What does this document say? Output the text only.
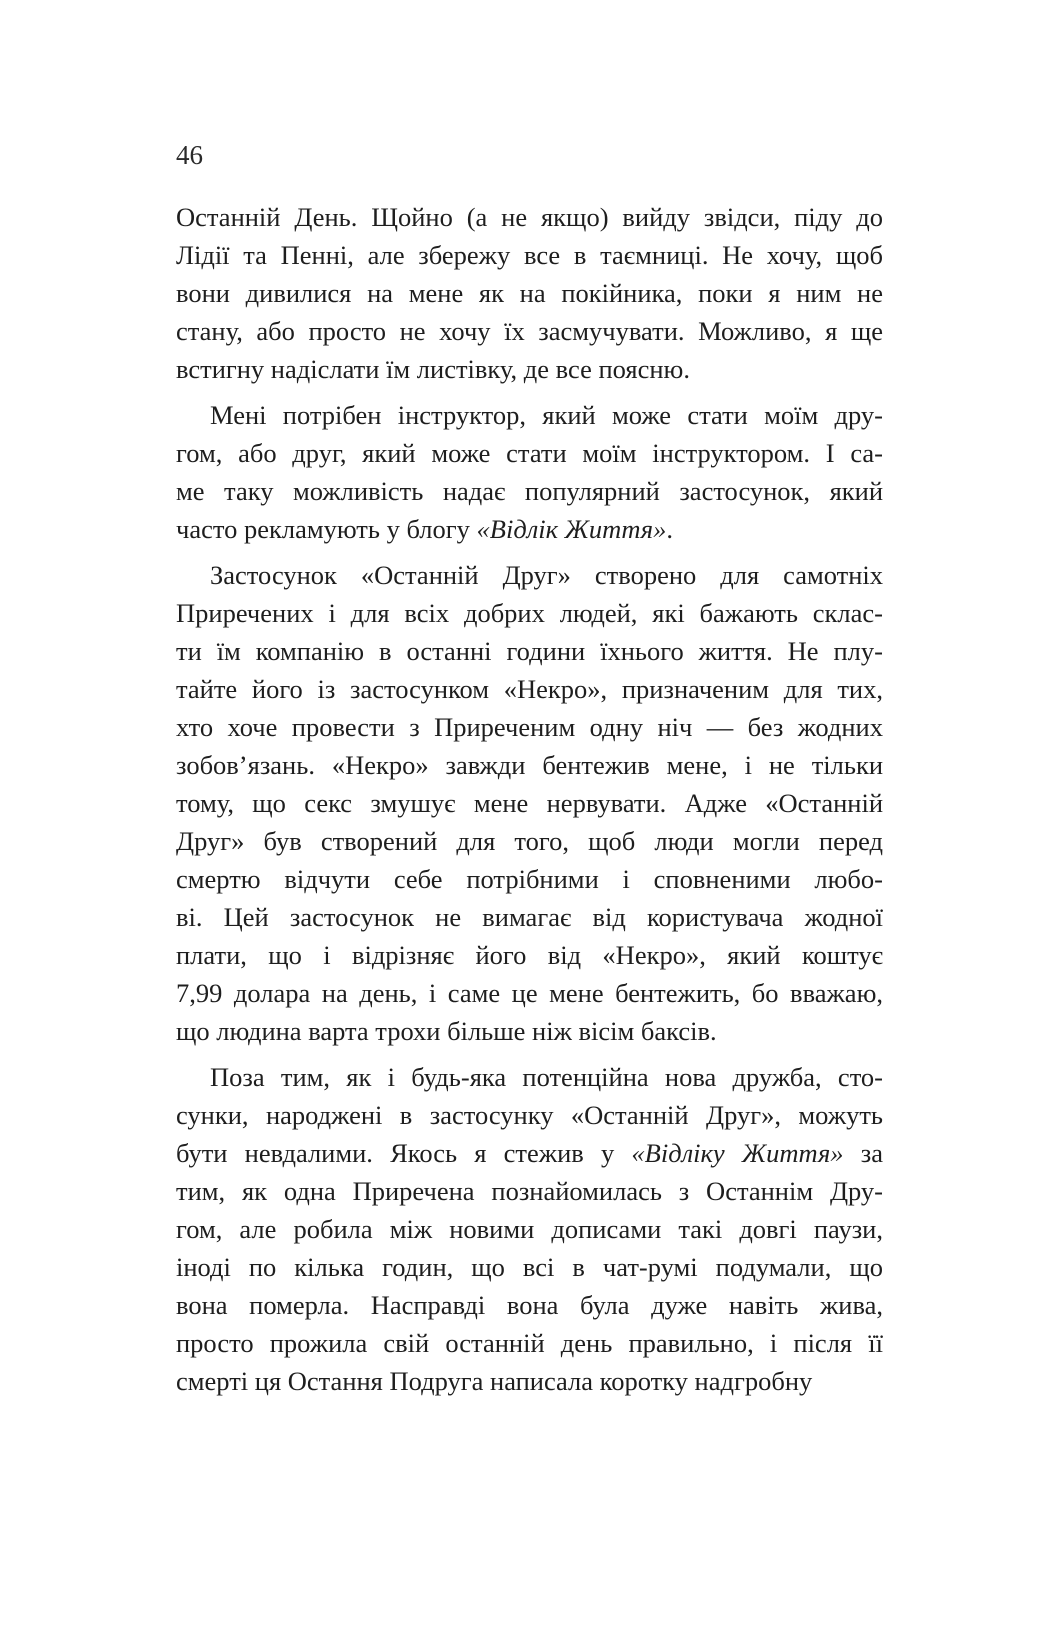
46
Останній День. Щойно (а не якщо) вийду звідси, піду до
Лідії та Пенні, але збережу все в таємниці. Не хочу, щоб
вони дивилися на мене як на покійника, поки я ним не
стану, або просто не хочу їх засмучувати. Можливо, я ще
встигну надіслати їм листівку, де все поясню.
Мені потрібен інструктор, який може стати моїм дру-
гом, або друг, який може стати моїм інструктором. І са-
ме таку можливість надає популярний застосунок, який
часто рекламують у блогу «Відлік Життя».
Застосунок «Останній Друг» створено для самотніх
Приречених і для всіх добрих людей, які бажають склас-
ти їм компанію в останні години їхнього життя. Не плу-
тайте його із застосунком «Некро», призначеним для тих,
хто хоче провести з Приреченим одну ніч — без жодних
зобов’язань. «Некро» завжди бентежив мене, і не тільки
тому, що секс змушує мене нервувати. Адже «Останній
Друг» був створений для того, щоб люди могли перед
смертю відчути себе потрібними і сповненими любо-
ві. Цей застосунок не вимагає від користувача жодної
плати, що і відрізняє його від «Некро», який коштує
7,99 долара на день, і саме це мене бентежить, бо вважаю,
що людина варта трохи більше ніж вісім баксів.
Поза тим, як і будь-яка потенційна нова дружба, сто-
сунки, народжені в застосунку «Останній Друг», можуть
бути невдалими. Якось я стежив у «Відліку Життя» за
тим, як одна Приречена познайомилась з Останнім Дру-
гом, але робила між новими дописами такі довгі паузи,
іноді по кілька годин, що всі в чат-румі подумали, що
вона померла. Насправді вона була дуже навіть жива,
просто прожила свій останній день правильно, і після її
смерті ця Остання Подруга написала коротку надгробну
